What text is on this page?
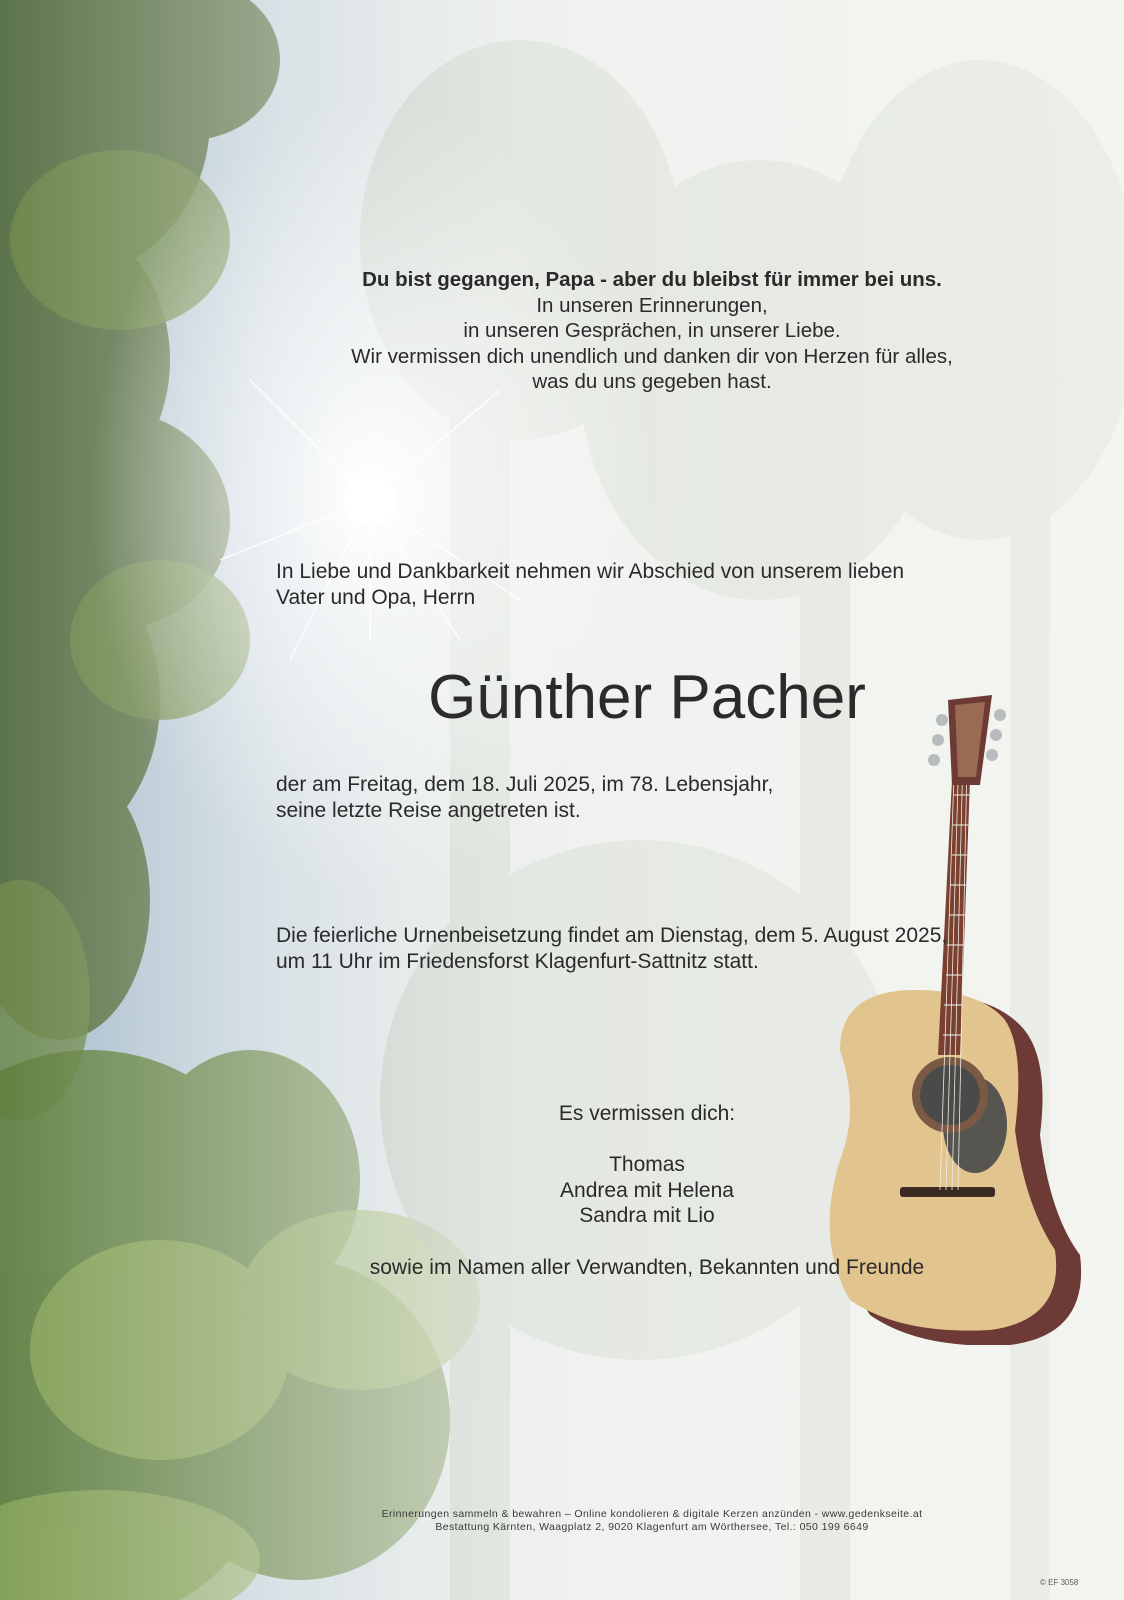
Du bist gegangen, Papa - aber du bleibst für immer bei uns.
In unseren Erinnerungen,
in unseren Gesprächen, in unserer Liebe.
Wir vermissen dich unendlich und danken dir von Herzen für alles,
was du uns gegeben hast.
In Liebe und Dankbarkeit nehmen wir Abschied von unserem lieben
Vater und Opa, Herrn
Günther Pacher
der am Freitag, dem 18. Juli 2025, im 78. Lebensjahr,
seine letzte Reise angetreten ist.
Die feierliche Urnenbeisetzung findet am Dienstag, dem 5. August 2025,
um 11 Uhr im Friedensforst Klagenfurt-Sattnitz statt.
Es vermissen dich:
Thomas
Andrea mit Helena
Sandra mit Lio
sowie im Namen aller Verwandten, Bekannten und Freunde
Erinnerungen sammeln & bewahren – Online kondolieren & digitale Kerzen anzünden - www.gedenkseite.at
Bestattung Kärnten, Waagplatz 2, 9020 Klagenfurt am Wörthersee, Tel.: 050 199 6649
© EF 3058
